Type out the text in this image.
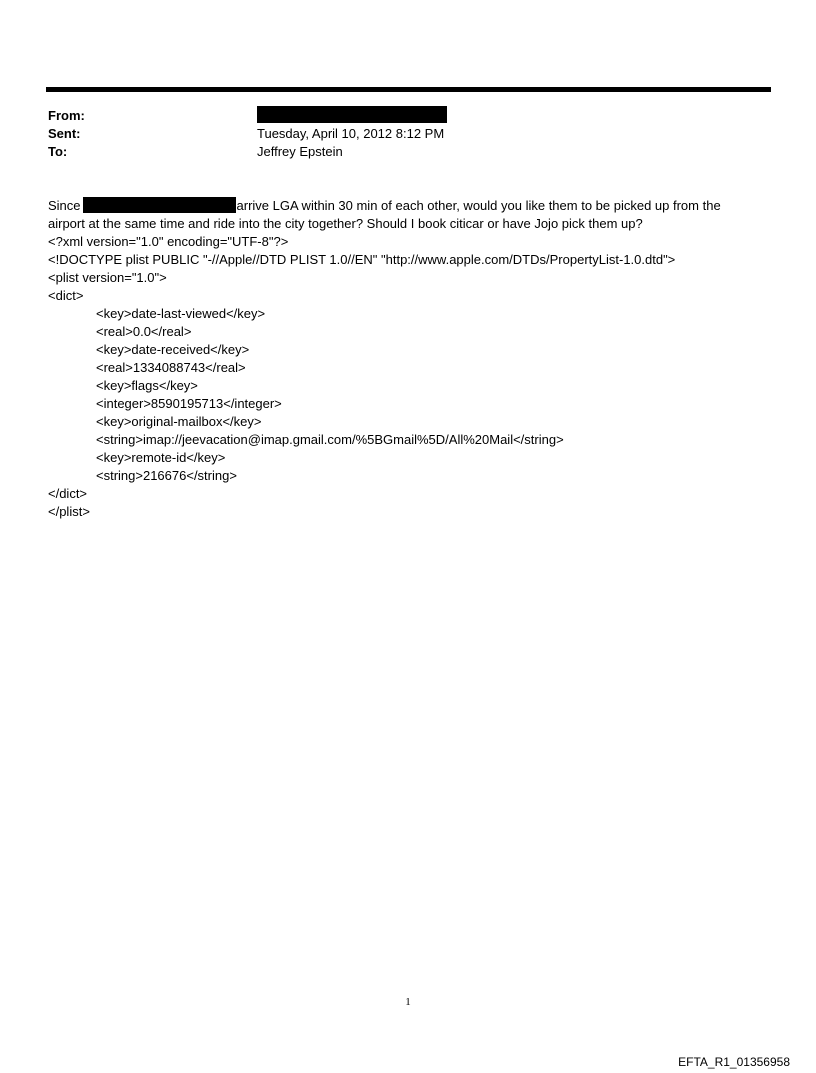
From:
Sent:	Tuesday, April 10, 2012 8:12 PM
To:	Jeffrey Epstein
Since	arrive LGA within 30 min of each other, would you like them to be picked up from the
airport at the same time and ride into the city together? Should I book citicar or have Jojo pick them up?
<?xml version="1.0" encoding="UTF-8"?>
<!DOCTYPE plist PUBLIC "-//Apple//DTD PLIST 1.0//EN" "http://www.apple.com/DTDs/PropertyList-1.0.dtd">
<plist version="1.0">
<dict>
<key>date-last-viewed</key>
<real>0.0</real>
<key>date-received</key>
<real>1334088743</real>
<key>flags</key>
<integer>8590195713</integer>
<key>original-mailbox</key>
<string>imap://jeevacation@imap.gmail.com/%5BGmail%5D/All%20Mail</string>
<key>remote-id</key>
<string>216676</string>
</dict>
</plist>
1
EFTA_R1_01356958
